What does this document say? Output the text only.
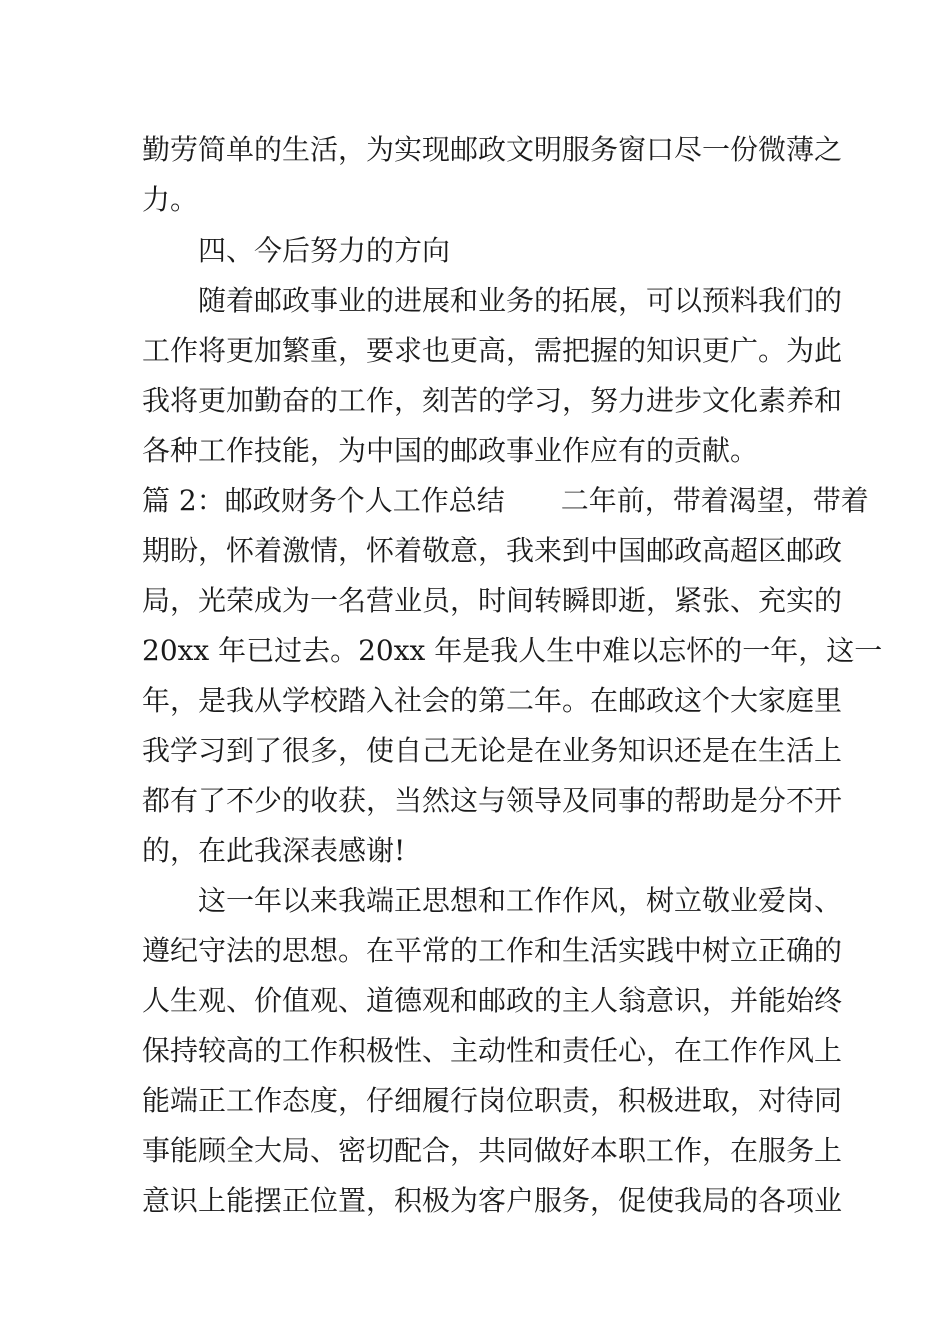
勤劳简单的生活，为实现邮政文明服务窗口尽一份微薄之
力。
四、今后努力的方向
随着邮政事业的进展和业务的拓展，可以预料我们的
工作将更加繁重，要求也更高，需把握的知识更广。为此
我将更加勤奋的工作，刻苦的学习，努力进步文化素养和
各种工作技能，为中国的邮政事业作应有的贡献。
篇 2：邮政财务个人工作总结 二年前，带着渴望，带着
期盼，怀着激情，怀着敬意，我来到中国邮政高超区邮政
局，光荣成为一名营业员，时间转瞬即逝，紧张、充实的
20xx 年已过去。20xx 年是我人生中难以忘怀的一年，这一
年，是我从学校踏入社会的第二年。在邮政这个大家庭里
我学习到了很多，使自己无论是在业务知识还是在生活上
都有了不少的收获，当然这与领导及同事的帮助是分不开
的，在此我深表感谢!
这一年以来我端正思想和工作作风，树立敬业爱岗、
遵纪守法的思想。在平常的工作和生活实践中树立正确的
人生观、价值观、道德观和邮政的主人翁意识，并能始终
保持较高的工作积极性、主动性和责任心，在工作作风上
能端正工作态度，仔细履行岗位职责，积极进取，对待同
事能顾全大局、密切配合，共同做好本职工作，在服务上
意识上能摆正位置，积极为客户服务，促使我局的各项业
